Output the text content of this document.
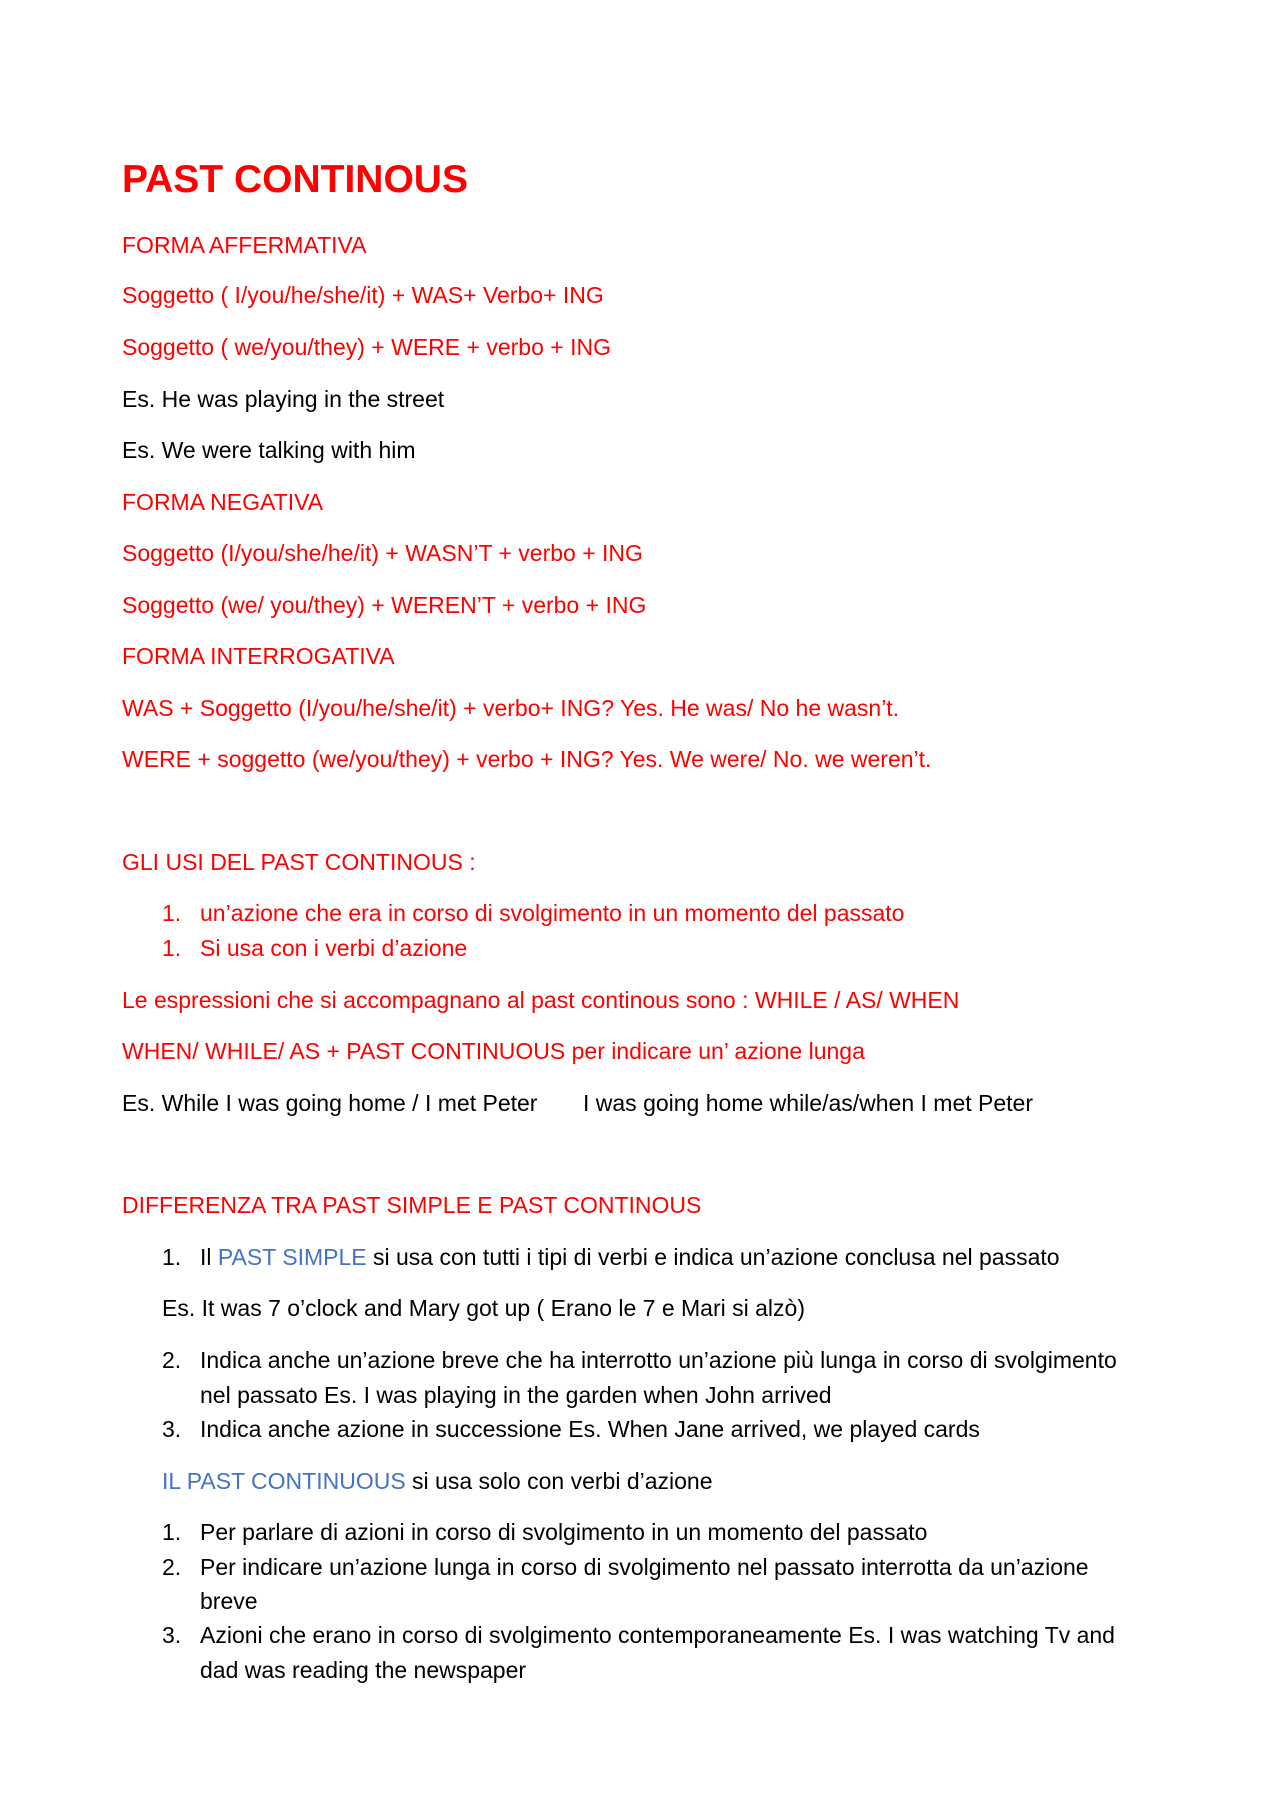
PAST CONTINOUS
FORMA AFFERMATIVA
Soggetto ( I/you/he/she/it) + WAS+ Verbo+ ING
Soggetto ( we/you/they) + WERE + verbo + ING
Es. He was playing in the street
Es. We were talking with him
FORMA NEGATIVA
Soggetto (I/you/she/he/it) + WASN’T + verbo + ING
Soggetto (we/ you/they) + WEREN’T + verbo + ING
FORMA INTERROGATIVA
WAS + Soggetto (I/you/he/she/it) + verbo+ ING? Yes. He was/ No he wasn’t.
WERE + soggetto (we/you/they) + verbo + ING? Yes. We were/ No. we weren’t.
GLI USI DEL PAST CONTINOUS :
1. un’azione che era in corso di svolgimento in un momento del passato
1. Si usa con i verbi d’azione
Le espressioni che si accompagnano al past continous sono : WHILE / AS/ WHEN
WHEN/ WHILE/ AS + PAST CONTINUOUS per indicare un’ azione lunga
Es. While I was going home / I met Peter I was going home while/as/when I met Peter
DIFFERENZA TRA PAST SIMPLE E PAST CONTINOUS
1. Il PAST SIMPLE si usa con tutti i tipi di verbi e indica un’azione conclusa nel passato
Es. It was 7 o’clock and Mary got up ( Erano le 7 e Mari si alzò)
2. Indica anche un’azione breve che ha interrotto un’azione più lunga in corso di svolgimento
nel passato Es. I was playing in the garden when John arrived
3. Indica anche azione in successione Es. When Jane arrived, we played cards
IL PAST CONTINUOUS si usa solo con verbi d’azione
1. Per parlare di azioni in corso di svolgimento in un momento del passato
2. Per indicare un’azione lunga in corso di svolgimento nel passato interrotta da un’azione
breve
3. Azioni che erano in corso di svolgimento contemporaneamente Es. I was watching Tv and
dad was reading the newspaper
